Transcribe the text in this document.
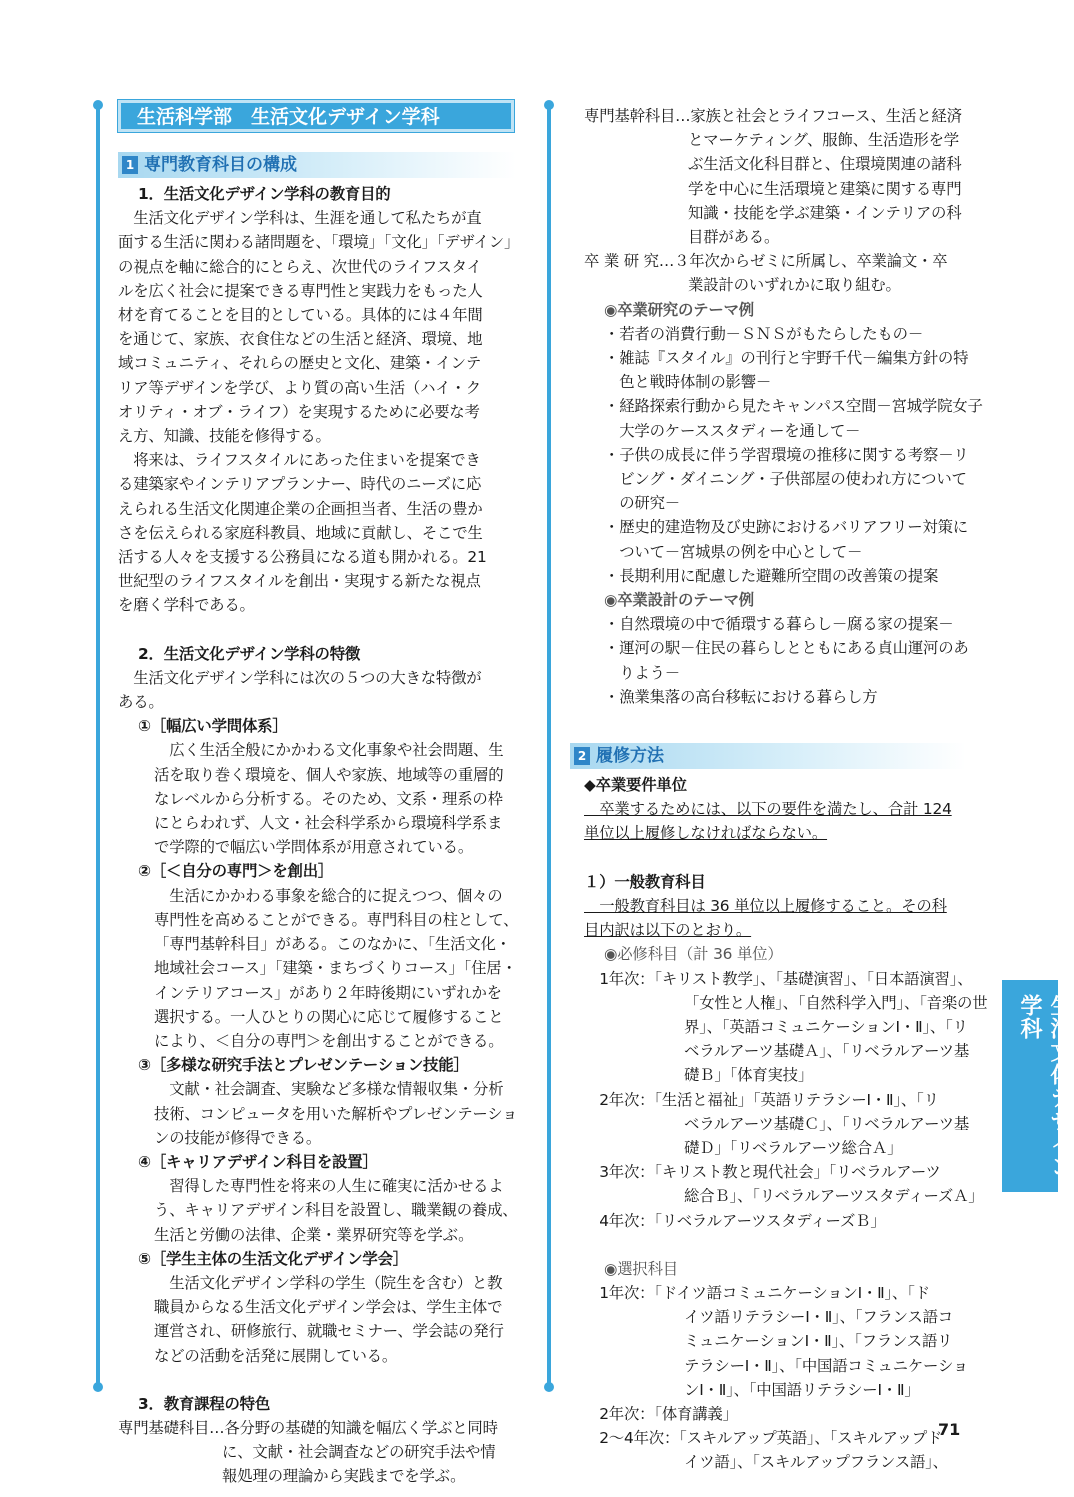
生活科学部　生活文化デザイン学科
1 専門教育科目の構成
1．生活文化デザイン学科の教育目的
　生活文化デザイン学科は、生涯を通して私たちが直
面する生活に関わる諸問題を、「環境」「文化」「デザイン」
の視点を軸に総合的にとらえ、次世代のライフスタイ
ルを広く社会に提案できる専門性と実践力をもった人
材を育てることを目的としている。具体的には４年間
を通じて、家族、衣食住などの生活と経済、環境、地
域コミュニティ、それらの歴史と文化、建築・インテ
リア等デザインを学び、より質の高い生活（ハイ・ク
オリティ・オブ・ライフ）を実現するために必要な考
え方、知識、技能を修得する。
　将来は、ライフスタイルにあった住まいを提案でき
る建築家やインテリアプランナー、時代のニーズに応
えられる生活文化関連企業の企画担当者、生活の豊か
さを伝えられる家庭科教員、地域に貢献し、そこで生
活する人々を支援する公務員になる道も開かれる。21
世紀型のライフスタイルを創出・実現する新たな視点
を磨く学科である。
2．生活文化デザイン学科の特徴
　生活文化デザイン学科には次の５つの大きな特徴が
ある。
①［幅広い学問体系］
　広く生活全般にかかわる文化事象や社会問題、生
活を取り巻く環境を、個人や家族、地域等の重層的
なレベルから分析する。そのため、文系・理系の枠
にとらわれず、人文・社会科学系から環境科学系ま
で学際的で幅広い学問体系が用意されている。
②［＜自分の専門＞を創出］
　生活にかかわる事象を総合的に捉えつつ、個々の
専門性を高めることができる。専門科目の柱として、
「専門基幹科目」がある。このなかに、「生活文化・
地域社会コース」「建築・まちづくりコース」「住居・
インテリアコース」があり２年時後期にいずれかを
選択する。一人ひとりの関心に応じて履修すること
により、＜自分の専門＞を創出することができる。
③［多様な研究手法とプレゼンテーション技能］
　文献・社会調査、実験など多様な情報収集・分析
技術、コンピュータを用いた解析やプレゼンテーショ
ンの技能が修得できる。
④［キャリアデザイン科目を設置］
　習得した専門性を将来の人生に確実に活かせるよ
う、キャリアデザイン科目を設置し、職業観の養成、
生活と労働の法律、企業・業界研究等を学ぶ。
⑤［学生主体の生活文化デザイン学会］
　生活文化デザイン学科の学生（院生を含む）と教
職員からなる生活文化デザイン学会は、学生主体で
運営され、研修旅行、就職セミナー、学会誌の発行
などの活動を活発に展開している。
3．教育課程の特色
専門基礎科目…各分野の基礎的知識を幅広く学ぶと同時
に、文献・社会調査などの研究手法や情
報処理の理論から実践までを学ぶ。
専門基幹科目…家族と社会とライフコース、生活と経済
とマーケティング、服飾、生活造形を学
ぶ生活文化科目群と、住環境関連の諸科
学を中心に生活環境と建築に関する専門
知識・技能を学ぶ建築・インテリアの科
目群がある。
卒 業 研 究…３年次からゼミに所属し、卒業論文・卒
業設計のいずれかに取り組む。
◉卒業研究のテーマ例
・若者の消費行動－ＳＮＳがもたらしたもの－
・雑誌『スタイル』の刊行と宇野千代－編集方針の特
　色と戦時体制の影響－
・経路探索行動から見たキャンパス空間－宮城学院女子
　大学のケーススタディーを通して－
・子供の成長に伴う学習環境の推移に関する考察－リ
　ビング・ダイニング・子供部屋の使われ方について
　の研究－
・歴史的建造物及び史跡におけるバリアフリー対策に
　ついて－宮城県の例を中心として－
・長期利用に配慮した避難所空間の改善策の提案
◉卒業設計のテーマ例
・自然環境の中で循環する暮らし－腐る家の提案－
・運河の駅－住民の暮らしとともにある貞山運河のあ
　りよう－
・漁業集落の高台移転における暮らし方
2 履修方法
◆卒業要件単位
　卒業するためには、以下の要件を満たし、合計 124
単位以上履修しなければならない。
１）一般教育科目
　一般教育科目は 36 単位以上履修すること。その科
目内訳は以下のとおり。
◉必修科目（計 36 単位）
　1年次：「キリスト教学」、「基礎演習」、「日本語演習」、
「女性と人権」、「自然科学入門」、「音楽の世
界」、「英語コミュニケーションⅠ・Ⅱ」、「リ
ベラルアーツ基礎Ａ」、「リベラルアーツ基
礎Ｂ」「体育実技」
　2年次：「生活と福祉」「英語リテラシーⅠ・Ⅱ」、「リ
ベラルアーツ基礎Ｃ」、「リベラルアーツ基
礎Ｄ」「リベラルアーツ総合Ａ」
　3年次：「キリスト教と現代社会」「リベラルアーツ
総合Ｂ」、「リベラルアーツスタディーズＡ」
　4年次：「リベラルアーツスタディーズＢ」
◉選択科目
　1年次：「ドイツ語コミュニケーションⅠ・Ⅱ」、「ド
イツ語リテラシーⅠ・Ⅱ」、「フランス語コ
ミュニケーションⅠ・Ⅱ」、「フランス語リ
テラシーⅠ・Ⅱ」、「中国語コミュニケーショ
ンⅠ・Ⅱ」、「中国語リテラシーⅠ・Ⅱ」
　2年次：「体育講義」
　2～4年次：「スキルアップ英語」、「スキルアップド
イツ語」、「スキルアップフランス語」、
生活文化デザイン学科
71
